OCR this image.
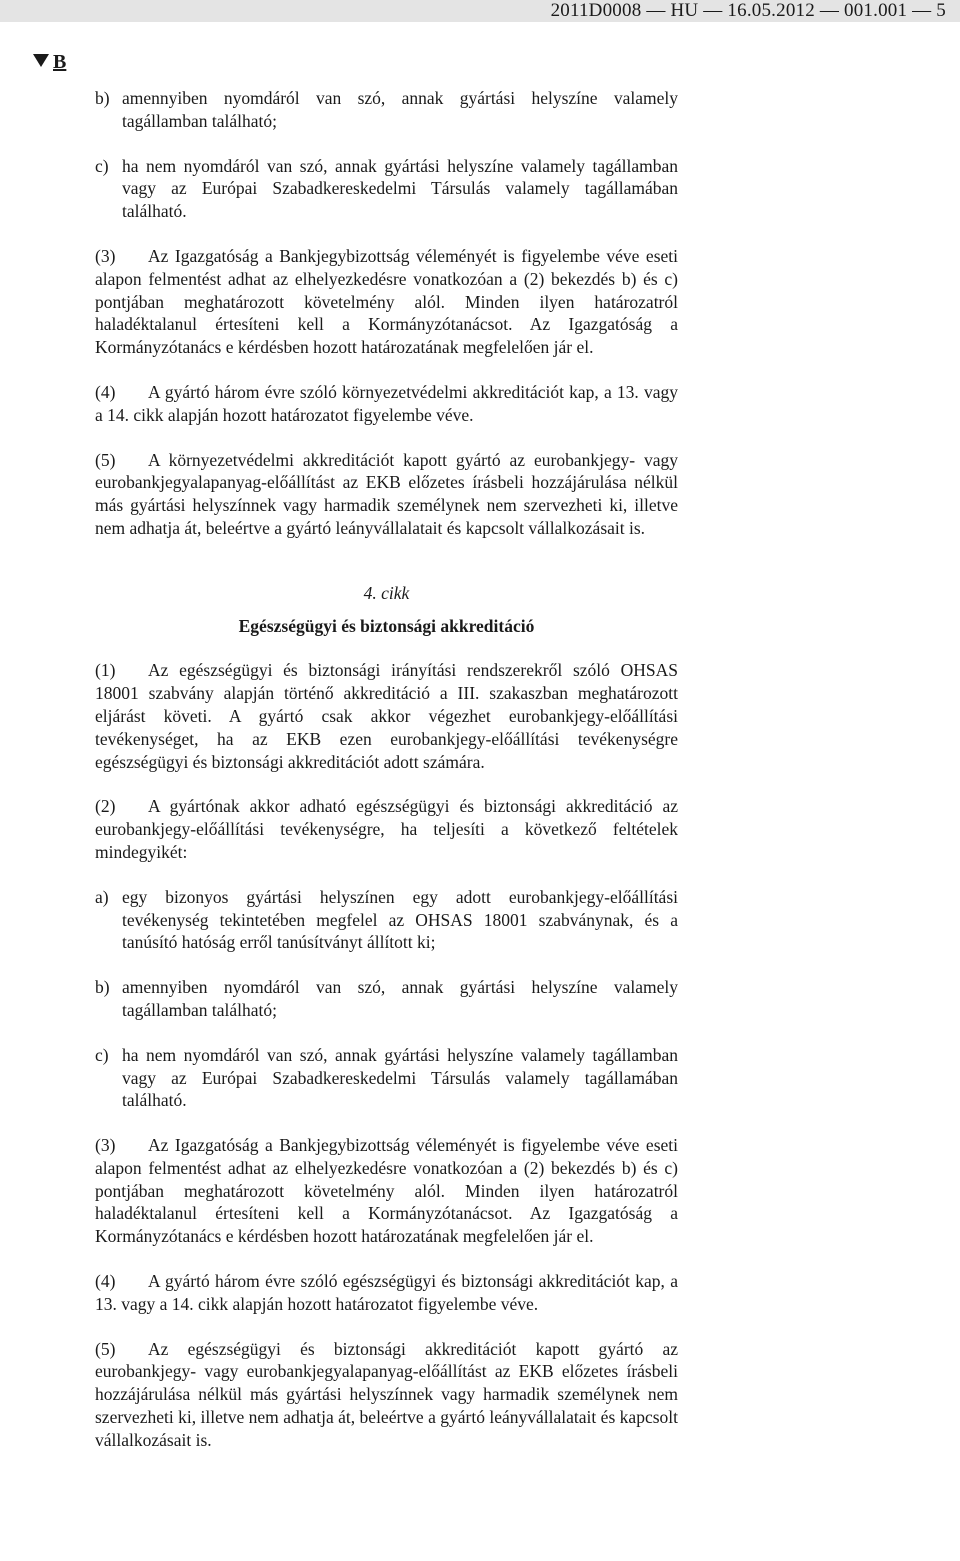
2011D0008 — HU — 16.05.2012 — 001.001 — 5
B
b) amennyiben nyomdáról van szó, annak gyártási helyszíne valamely tagállamban található;
c) ha nem nyomdáról van szó, annak gyártási helyszíne valamely tagállamban vagy az Európai Szabadkereskedelmi Társulás valamely tagállamában található.

(3) Az Igazgatóság a Bankjegybizottság véleményét is figyelembe véve eseti alapon felmentést adhat az elhelyezkedésre vonatkozóan a (2) bekezdés b) és c) pontjában meghatározott követelmény alól. Minden ilyen határozatról haladéktalanul értesíteni kell a Kormányzótanácsot. Az Igazgatóság a Kormányzótanács e kérdésben hozott határozatának megfelelően jár el.

(4) A gyártó három évre szóló környezetvédelmi akkreditációt kap, a 13. vagy a 14. cikk alapján hozott határozatot figyelembe véve.

(5) A környezetvédelmi akkreditációt kapott gyártó az eurobankjegy- vagy eurobankjegyalapanyag-előállítást az EKB előzetes írásbeli hozzájárulása nélkül más gyártási helyszínnek vagy harmadik személynek nem szervezheti ki, illetve nem adhatja át, beleértve a gyártó leányvállalatait és kapcsolt vállalkozásait is.

4. cikk
Egészségügyi és biztonsági akkreditáció

(1) Az egészségügyi és biztonsági irányítási rendszerekről szóló OHSAS 18001 szabvány alapján történő akkreditáció a III. szakaszban meghatározott eljárást követi. A gyártó csak akkor végezhet eurobankjegy-előállítási tevékenységet, ha az EKB ezen eurobankjegy-előállítási tevékenységre egészségügyi és biztonsági akkreditációt adott számára.

(2) A gyártónak akkor adható egészségügyi és biztonsági akkreditáció az eurobankjegy-előállítási tevékenységre, ha teljesíti a következő feltételek mindegyikét:

a) egy bizonyos gyártási helyszínen egy adott eurobankjegy-előállítási tevékenység tekintetében megfelel az OHSAS 18001 szabványnak, és a tanúsító hatóság erről tanúsítványt állított ki;
b) amennyiben nyomdáról van szó, annak gyártási helyszíne valamely tagállamban található;
c) ha nem nyomdáról van szó, annak gyártási helyszíne valamely tagállamban vagy az Európai Szabadkereskedelmi Társulás valamely tagállamában található.

(3) Az Igazgatóság a Bankjegybizottság véleményét is figyelembe véve eseti alapon felmentést adhat az elhelyezkedésre vonatkozóan a (2) bekezdés b) és c) pontjában meghatározott követelmény alól. Minden ilyen határozatról haladéktalanul értesíteni kell a Kormányzótanácsot. Az Igazgatóság a Kormányzótanács e kérdésben hozott határozatának megfelelően jár el.

(4) A gyártó három évre szóló egészségügyi és biztonsági akkreditációt kap, a 13. vagy a 14. cikk alapján hozott határozatot figyelembe véve.

(5) Az egészségügyi és biztonsági akkreditációt kapott gyártó az eurobankjegy- vagy eurobankjegyalapanyag-előállítást az EKB előzetes írásbeli hozzájárulása nélkül más gyártási helyszínnek vagy harmadik személynek nem szervezheti ki, illetve nem adhatja át, beleértve a gyártó leányvállalatait és kapcsolt vállalkozásait is.
